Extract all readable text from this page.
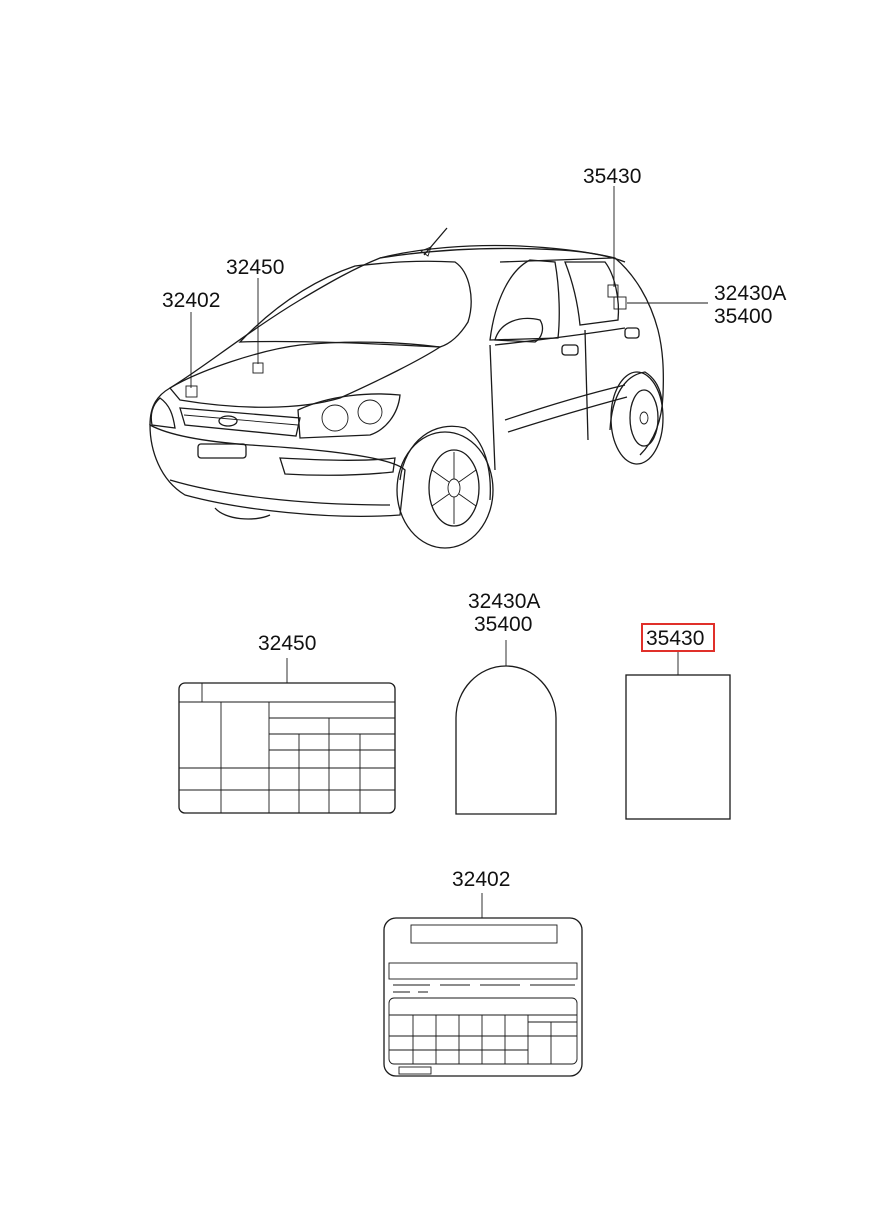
35430
32450
32402	32430A
35400
32450
32430A
35400
35430
32402
